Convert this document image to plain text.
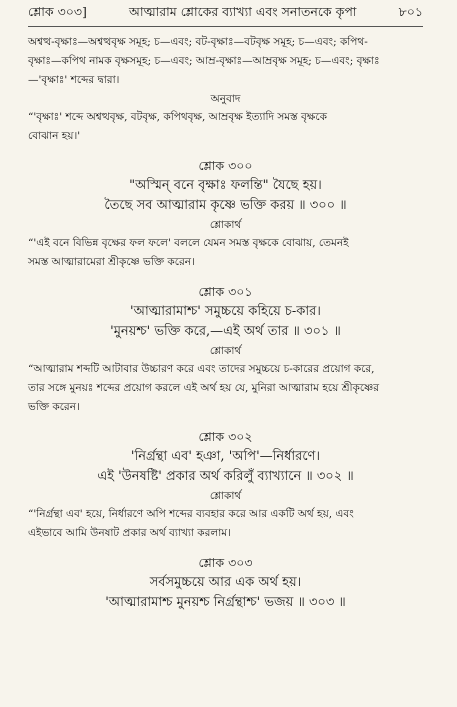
শ্লোক ৩০৩]	আত্মারাম শ্লোকের ব্যাখ্যা এবং সনাতনকে কৃপা	৮০১

অশ্বত্থ-বৃক্ষাঃ—অশ্বত্থবৃক্ষ সমূহ; চ—এবং; বট-বৃক্ষাঃ—বটবৃক্ষ সমূহ; চ—এবং; কপিথ-

বৃক্ষাঃ—কপিথ নামক বৃক্ষসমূহ; চ—এবং; আম্র-বৃক্ষাঃ—আম্রবৃক্ষ সমূহ; চ—এবং; বৃক্ষাঃ

—'বৃক্ষাঃ' শব্দের দ্বারা।

অনুবাদ

“'বৃক্ষাঃ' শব্দে অশ্বত্থবৃক্ষ, বটবৃক্ষ, কপিথবৃক্ষ, আম্রবৃক্ষ ইত্যাদি সমস্ত বৃক্ষকে

বোঝান হয়।'

শ্লোক ৩০০

"অস্মিন্‌ বনে বৃক্ষাঃ ফলন্তি" যৈছে হয়।

তৈছে সব আত্মারাম কৃষ্ণে ভক্তি করয় ॥ ৩০০ ॥

শ্লোকার্থ

“'এই বনে বিভিন্ন বৃক্ষের ফল ফলে' বললে যেমন সমস্ত বৃক্ষকে বোঝায়, তেমনই

সমস্ত আত্মারামেরা শ্রীকৃষ্ণে ভক্তি করেন।

শ্লোক ৩০১

'আত্মারামাশ্চ' সমুচ্চয়ে কহিয়ে চ-কার।

'মুনয়শ্চ' ভক্তি করে,—এই অর্থ তার ॥ ৩০১ ॥

শ্লোকার্থ

“আত্মারাম শব্দটি আটাবার উচ্চারণ করে এবং তাদের সমুচ্চয়ে চ-কারের প্রয়োগ করে,

তার সঙ্গে মুনয়ঃ শব্দের প্রয়োগ করলে এই অর্থ হয় যে, মুনিরা আত্মারাম হয়ে শ্রীকৃষ্ণের

ভক্তি করেন।

শ্লোক ৩০২

'নির্গ্রন্থা এব' হঞা, 'অপি'—নির্ধারণে।

এই 'উনষষ্টি' প্রকার অর্থ করিলুঁ ব্যাখ্যানে ॥ ৩০২ ॥

শ্লোকার্থ

“'নির্গ্রন্থা এব' হয়ে, নির্ধারণে অপি শব্দের ব্যবহার করে আর একটি অর্থ হয়, এবং

এইভাবে আমি উনষাট প্রকার অর্থ ব্যাখ্যা করলাম।

শ্লোক ৩০৩

সর্বসমুচ্চয়ে আর এক অর্থ হয়।

'আত্মারামাশ্চ মুনয়শ্চ নির্গ্রন্থাশ্চ' ভজয় ॥ ৩০৩ ॥
